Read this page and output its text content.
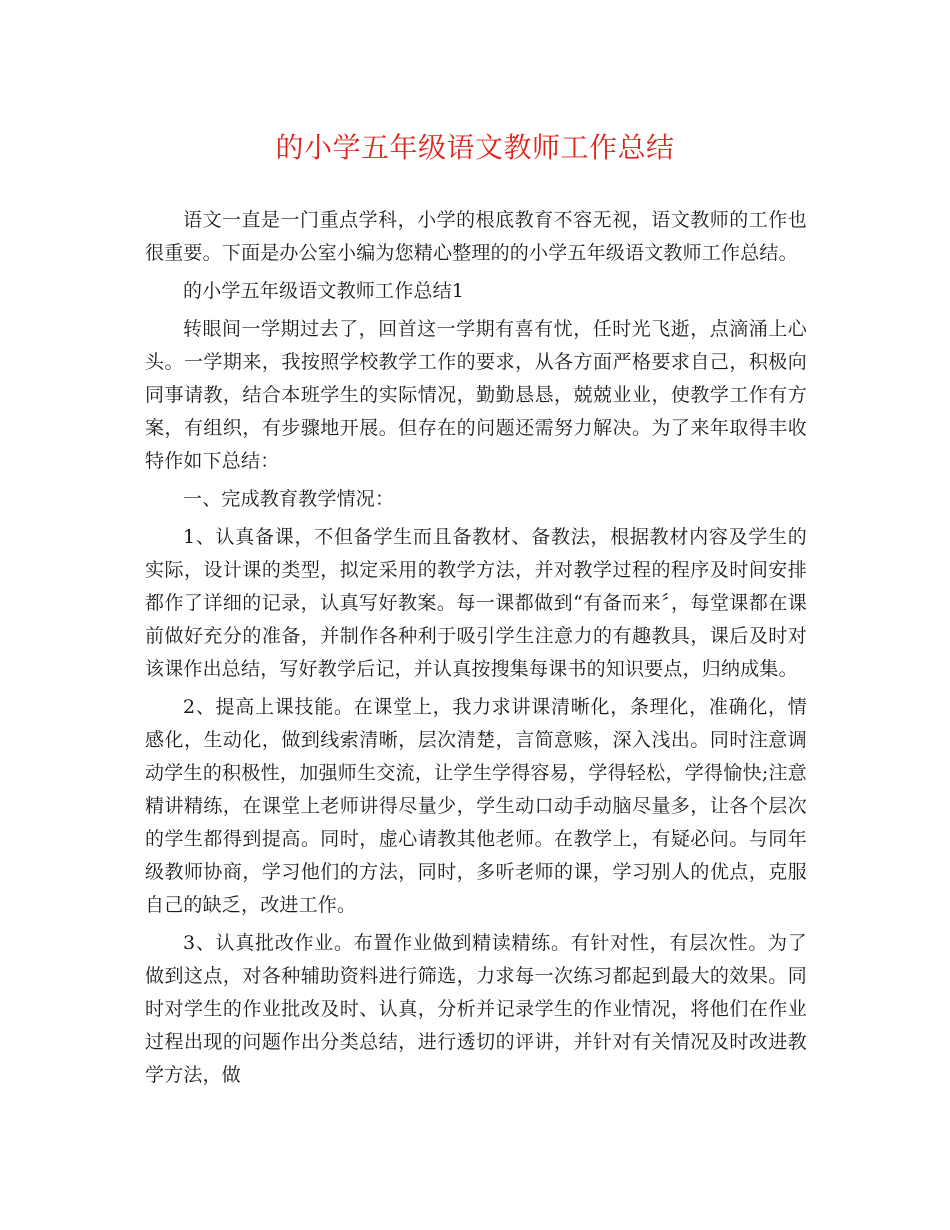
的小学五年级语文教师工作总结

语文一直是一门重点学科，小学的根底教育不容无视，语文教师的工作也很重要。下面是办公室小编为您精心整理的的小学五年级语文教师工作总结。

的小学五年级语文教师工作总结1

转眼间一学期过去了，回首这一学期有喜有忧，任时光飞逝，点滴涌上心头。一学期来，我按照学校教学工作的要求，从各方面严格要求自己，积极向同事请教，结合本班学生的实际情况，勤勤恳恳，兢兢业业，使教学工作有方案，有组织，有步骤地开展。但存在的问题还需努力解决。为了来年取得丰收特作如下总结：

一、完成教育教学情况：

1、认真备课，不但备学生而且备教材、备教法，根据教材内容及学生的实际，设计课的类型，拟定采用的教学方法，并对教学过程的程序及时间安排都作了详细的记录，认真写好教案。每一课都做到“有备而来〞，每堂课都在课前做好充分的准备，并制作各种利于吸引学生注意力的有趣教具，课后及时对该课作出总结，写好教学后记，并认真按搜集每课书的知识要点，归纳成集。

2、提高上课技能。在课堂上，我力求讲课清晰化，条理化，准确化，情感化，生动化，做到线索清晰，层次清楚，言简意赅，深入浅出。同时注意调动学生的积极性，加强师生交流，让学生学得容易，学得轻松，学得愉快;注意精讲精练，在课堂上老师讲得尽量少，学生动口动手动脑尽量多，让各个层次的学生都得到提高。同时，虚心请教其他老师。在教学上，有疑必问。与同年级教师协商，学习他们的方法，同时，多听老师的课，学习别人的优点，克服自己的缺乏，改进工作。

3、认真批改作业。布置作业做到精读精练。有针对性，有层次性。为了做到这点，对各种辅助资料进行筛选，力求每一次练习都起到最大的效果。同时对学生的作业批改及时、认真，分析并记录学生的作业情况，将他们在作业过程出现的问题作出分类总结，进行透切的评讲，并针对有关情况及时改进教学方法，做
